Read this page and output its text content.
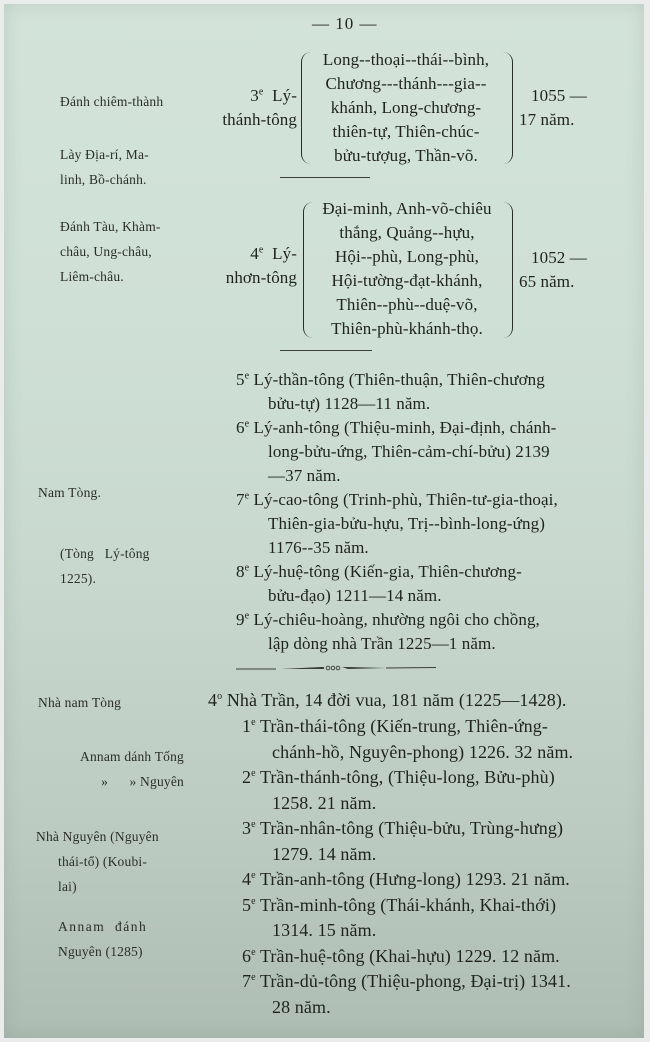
— 10 —
Đánh chiêm-thành
Lày Địa-rí, Ma-
linh, Bồ-chánh.
3e Lý-
thánh-tông
Long--thoại--thái--bình,
Chương---thánh---gia--
khánh, Long-chương-
thiên-tự, Thiên-chúc-
bửu-tượug, Thần-võ.
1055 —
17 năm.
Đánh Tàu, Khàm-
châu, Ung-châu,
Liêm-châu.
4e Lý-
nhơn-tông
Đại-minh, Anh-võ-chiêu
thắng, Quảng--hựu,
Hội--phù, Long-phù,
Hội-tường-đạt-khánh,
Thiên--phù--duệ-võ,
Thiên-phù-khánh-thọ.
1052 —
65 năm.
5e Lý-thần-tông (Thiên-thuận, Thiên-chương
bửu-tự) 1128—11 năm.
6e Lý-anh-tông (Thiệu-minh, Đại-định, chánh-
long-bửu-ứng, Thiên-cảm-chí-bửu) 2139
—37 năm.
7e Lý-cao-tông (Trinh-phù, Thiên-tư-gia-thoại,
Thiên-gia-bửu-hựu, Trị--bình-long-ứng)
1176--35 năm.
8e Lý-huệ-tông (Kiến-gia, Thiên-chương-
bửu-đạo) 1211—14 năm.
9e Lý-chiêu-hoàng, nhường ngôi cho chồng,
lập dòng nhà Trần 1225—1 năm.
Nam Tòng.
(Tòng   Lý-tông
1225).
4$^o$ Nhà Trần, 14 đời vua, 181 năm (1225—1428).
1e Trần-thái-tông (Kiến-trung, Thiên-ứng-
chánh-hồ, Nguyên-phong) 1226. 32 năm.
2e Trần-thánh-tông, (Thiệu-long, Bửu-phù)
1258. 21 năm.
3e Trần-nhân-tông (Thiệu-bửu, Trùng-hưng)
1279. 14 năm.
4e Trần-anh-tông (Hưng-long) 1293. 21 năm.
5e Trần-minh-tông (Thái-khánh, Khai-thới)
1314. 15 năm.
6e Trần-huệ-tông (Khai-hựu) 1229. 12 năm.
7e Trần-dủ-tông (Thiệu-phong, Đại-trị) 1341.
28 năm.
Nhà nam Tòng
Annam dánh Tống
»      » Nguyên
Nhà Nguyên (Nguyên
thái-tổ) (Koubi-
lai)
Annam  đánh
Nguyên (1285)
